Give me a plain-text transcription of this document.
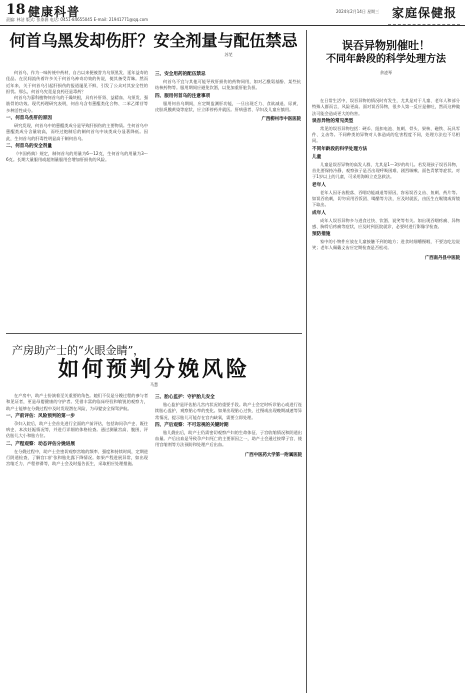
18 健康科普
责编: 林洁 版式: 张泰源 电话: 0451-84655045 E-mail: 21941771@qq.com
2024年2月14日 星期三 家庭保健报
何首乌黑发却伤肝？安全剂量与配伍禁忌
苏芜

何首乌，作为一味传统中药材，自古以来便被誉为乌须黑发、延年益寿的佳品。在民间流传着许多关于何首乌神奇功效的传说，使其备受青睐。然而近年来，关于何首乌引起肝损伤的报道屡见不鲜，引发了公众对其安全性的担忧。那么，何首乌究竟是良药还是毒药？

何首乌为蓼科植物何首乌的干燥块根，具有补肝肾、益精血、乌须发、强筋骨的功效。现代药理研究表明，何首乌含有蒽醌类化合物、二苯乙烯苷等多种活性成分。

一、何首乌伤肝的原因

研究发现，何首乌中的蒽醌类成分是导致肝损伤的主要物质。生何首乌中蒽醌类成分含量较高，而经过炮制后的制何首乌中该类成分显著降低。因此，生何首乌的肝毒性明显高于制何首乌。

二、何首乌的安全剂量

《中国药典》规定，制何首乌的用量为6～12克，生何首乌的用量为3～6克。长期大量服用或超剂量服用会增加肝损伤的风险。

三、安全用药的配伍禁忌

何首乌不宜与其他可能导致肝损伤的药物同用，如对乙酰氨基酚、某些抗结核药物等。服用期间应避免饮酒，以免加重肝脏负担。

四、服用何首乌的注意事项

服用何首乌期间，应定期监测肝功能，一旦出现乏力、食欲减退、尿黄、皮肤巩膜黄染等症状，应立即停药并就医。肝病患者、孕妇及儿童应慎用。

广西柳州市中医医院
产房助产士的“火眼金睛”，
如何预判分娩风险
马慧

在产房中，助产士扮演着至关重要的角色。她们不仅是分娩过程的参与者和见证者，更是母婴健康的守护者。凭借丰富的临床经验和敏锐的观察力，助产士能够在分娩过程中及时发现潜在风险，为母婴安全保驾护航。

一、产前评估：风险预判的第一步

孕妇入院后，助产士会首先进行全面的产前评估，包括询问孕产史、既往病史、本次妊娠情况等，并进行详细的体格检查。通过测量宫高、腹围，评估胎儿大小和胎方位。

二、产程观察：动态评估分娩进展

在分娩过程中，助产士会密切观察宫缩的频率、强度和持续时间，定期进行阴道检查，了解宫口扩张和胎先露下降情况。如果产程进展异常，如出现宫缩乏力、产程停滞等，助产士会及时报告医生，采取相应处理措施。

三、胎心监护：守护胎儿安全

胎心监护是评估胎儿宫内状况的重要手段。助产士会定时听诊胎心或进行连续胎心监护，观察胎心率的变化。如果出现胎心过快、过慢或出现晚期减速等异常情况，提示胎儿可能存在宫内缺氧，需要立即处理。

四、产后观察：不可忽视的关键时期

胎儿娩出后，助产士仍需密切观察产妇的生命体征、子宫收缩情况和阴道出血量。产后出血是导致孕产妇死亡的主要原因之一，助产士会通过按摩子宫、使用宫缩剂等方法预防和处理产后出血。

广西中医药大学第一附属医院
误吞异物别催吐！
不同年龄段的科学处理方法
余凌琴

在日常生活中，误吞异物的情况时有发生，尤其是对于儿童、老年人和部分特殊人群而言，风险更高。面对误吞异物，很多人第一反应是催吐，然而这种做法可能会造成更大的伤害。

误吞异物的常见类型

常见的误吞异物包括：硬币、纽扣电池、鱼刺、骨头、果核、磁铁、玩具零件、义齿等。不同种类的异物对人体造成的危害程度不同，处理方法也不尽相同。

不同年龄段的科学处理方法
儿童

儿童是误吞异物的高发人群，尤其是1～3岁的幼儿。若发现孩子误吞异物，首先要保持冷静，观察孩子是否出现呼吸困难、剧烈咳嗽、面色青紫等症状。对于1岁以上的儿童，可采用海姆立克急救法。

老年人

老年人因牙齿脱落、吞咽功能减退等原因，容易误吞义齿、鱼刺、药片等。如误吞鱼刺，切勿采用吞饭团、喝醋等方法，应及时就医，由医生在喉镜或胃镜下取出。

成年人

成年人误吞异物多与进食过快、饮酒、说笑等有关。如出现吞咽疼痛、异物感、胸骨后疼痛等症状，应及时到医院就诊，必要时进行影像学检查。

预防措施

家中的小物件应放在儿童接触不到的地方；进食时细嚼慢咽，不要边吃边说笑；老年人佩戴义齿应定期检查是否松动。

广西南丹县中医院
